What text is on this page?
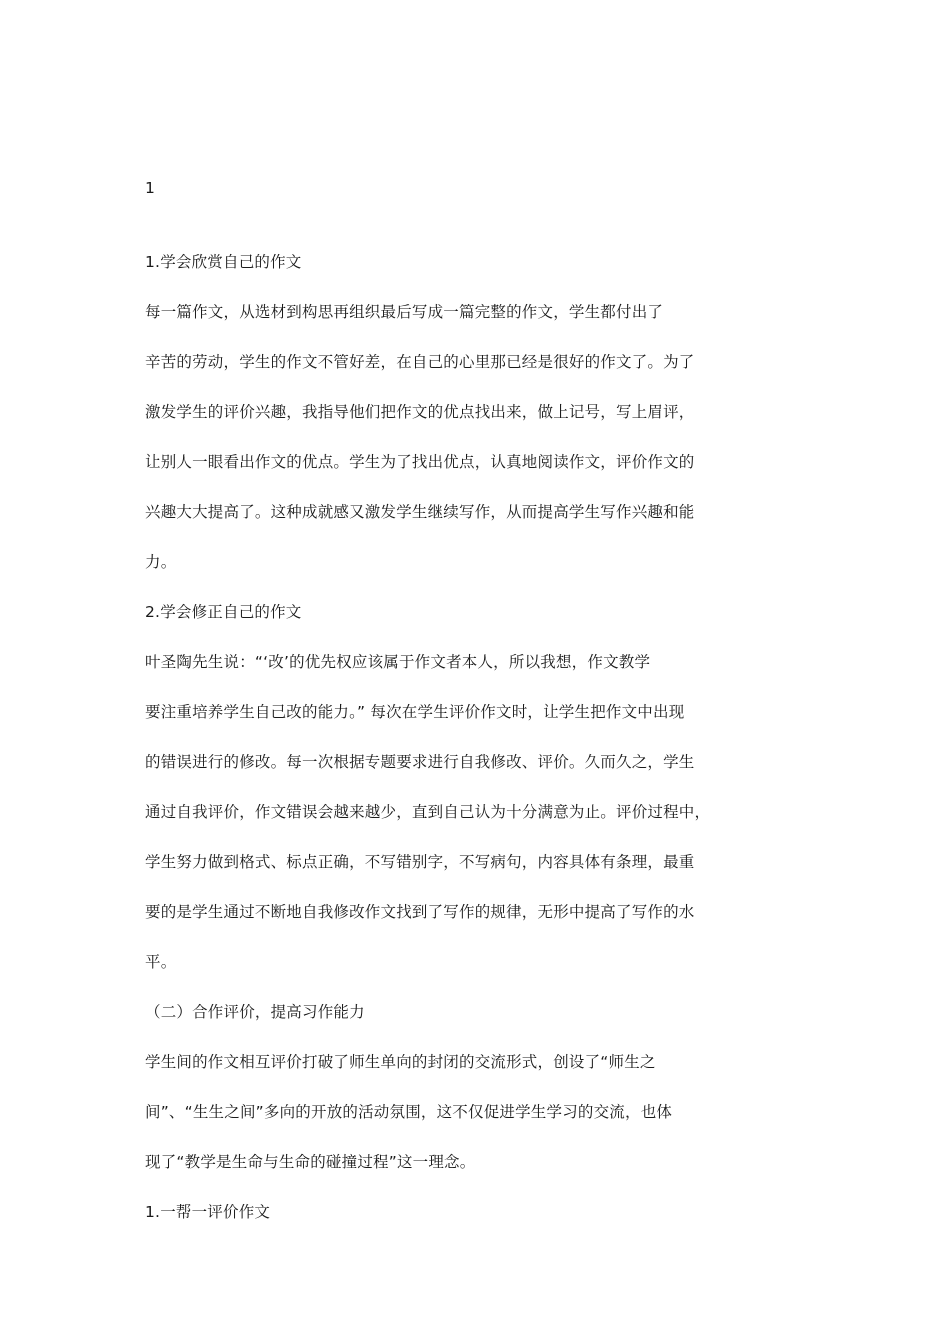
1
1.学会欣赏自己的作文
每一篇作文，从选材到构思再组织最后写成一篇完整的作文，学生都付出了
辛苦的劳动，学生的作文不管好差，在自己的心里那已经是很好的作文了。为了
激发学生的评价兴趣，我指导他们把作文的优点找出来，做上记号，写上眉评，
让别人一眼看出作文的优点。学生为了找出优点，认真地阅读作文，评价作文的
兴趣大大提高了。这种成就感又激发学生继续写作，从而提高学生写作兴趣和能
力。
2.学会修正自己的作文
叶圣陶先生说：“‘改’的优先权应该属于作文者本人，所以我想，作文教学
要注重培养学生自己改的能力。” 每次在学生评价作文时，让学生把作文中出现
的错误进行的修改。每一次根据专题要求进行自我修改、评价。久而久之，学生
通过自我评价，作文错误会越来越少，直到自己认为十分满意为止。评价过程中，
学生努力做到格式、标点正确，不写错别字，不写病句，内容具体有条理，最重
要的是学生通过不断地自我修改作文找到了写作的规律，无形中提高了写作的水
平。
（二）合作评价，提高习作能力
学生间的作文相互评价打破了师生单向的封闭的交流形式，创设了“师生之
间”、“生生之间”多向的开放的活动氛围，这不仅促进学生学习的交流，也体
现了“教学是生命与生命的碰撞过程”这一理念。
1.一帮一评价作文
